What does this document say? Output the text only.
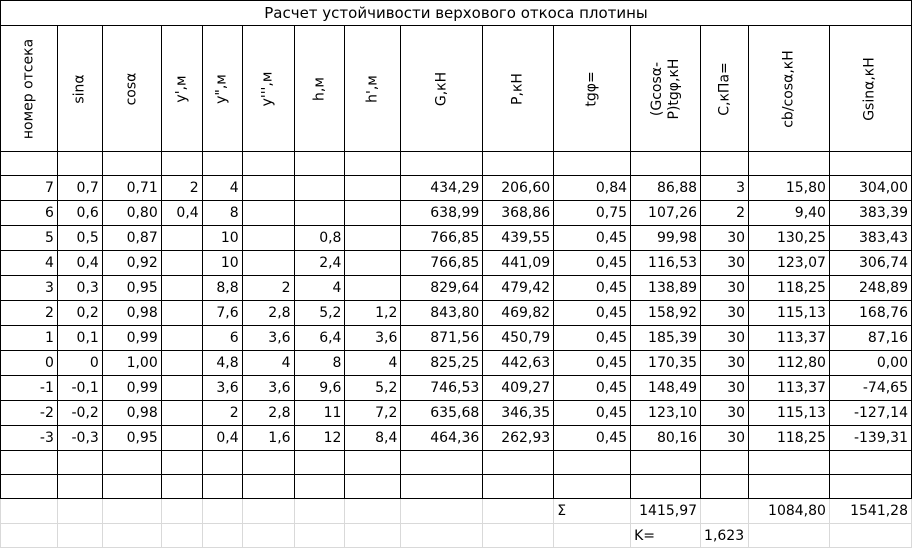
Расчет устойчивости верхового откоса плотины														

номер отсека	sinα	cosα	y',м	y",м	y''',м	h,м	h',м	G,кН	P,кН	tgφ=	(Gcosα-P)tgφ,кН	C,кПа=	cb/cosα,кН	Gsinα,кН

7	0,7	0,71	2	4				434,29	206,60	0,84	86,88	3	15,80	304,00
6	0,6	0,80	0,4	8				638,99	368,86	0,75	107,26	2	9,40	383,39
5	0,5	0,87		10		0,8		766,85	439,55	0,45	99,98	30	130,25	383,43
4	0,4	0,92		10		2,4		766,85	441,09	0,45	116,53	30	123,07	306,74
3	0,3	0,95		8,8	2	4		829,64	479,42	0,45	138,89	30	118,25	248,89
2	0,2	0,98		7,6	2,8	5,2	1,2	843,80	469,82	0,45	158,92	30	115,13	168,76
1	0,1	0,99		6	3,6	6,4	3,6	871,56	450,79	0,45	185,39	30	113,37	87,16
0	0	1,00		4,8	4	8	4	825,25	442,63	0,45	170,35	30	112,80	0,00
-1	-0,1	0,99		3,6	3,6	9,6	5,2	746,53	409,27	0,45	148,49	30	113,37	-74,65
-2	-0,2	0,98		2	2,8	11	7,2	635,68	346,35	0,45	123,10	30	115,13	-127,14
-3	-0,3	0,95		0,4	1,6	12	8,4	464,36	262,93	0,45	80,16	30	118,25	-139,31

										Σ	1415,97		1084,80	1541,28
											K=	1,623		
